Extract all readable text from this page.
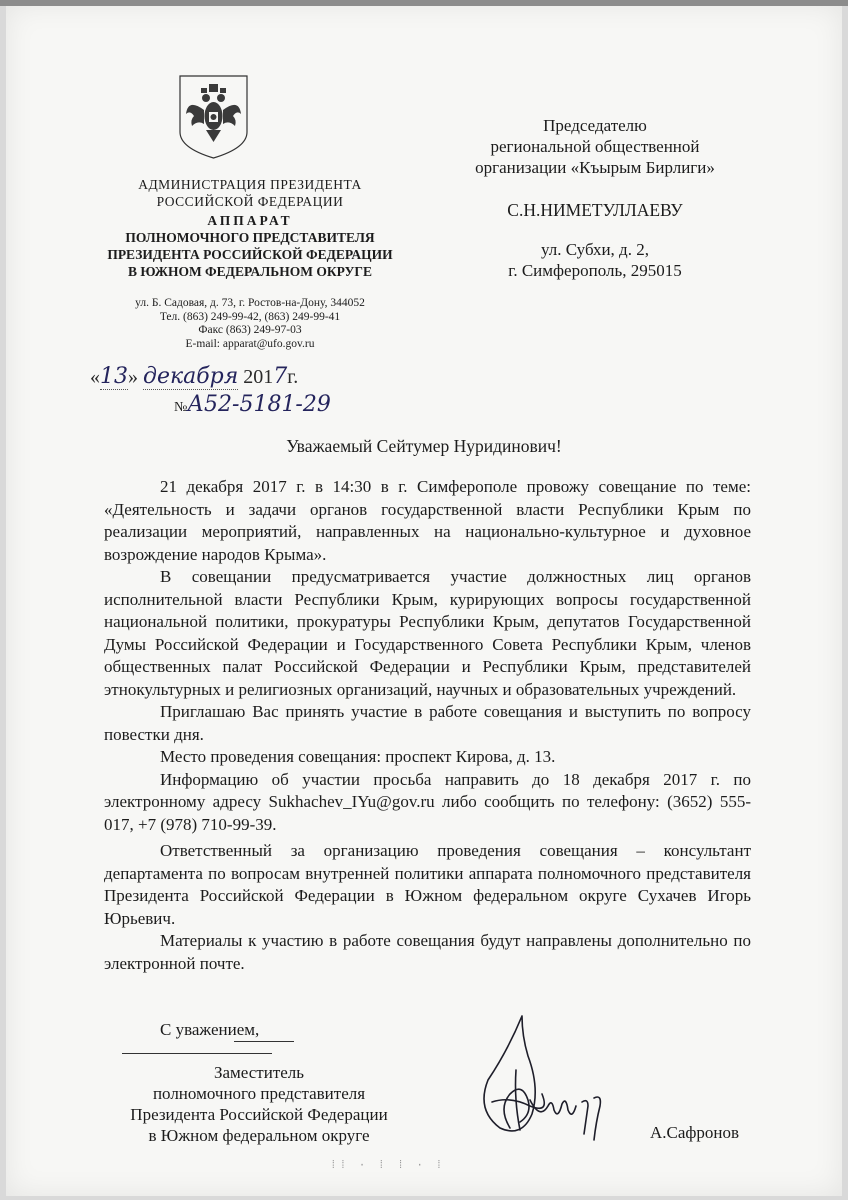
АДМИНИСТРАЦИЯ ПРЕЗИДЕНТА
РОССИЙСКОЙ ФЕДЕРАЦИИ
АППАРАТ
ПОЛНОМОЧНОГО ПРЕДСТАВИТЕЛЯ
ПРЕЗИДЕНТА РОССИЙСКОЙ ФЕДЕРАЦИИ
В ЮЖНОМ ФЕДЕРАЛЬНОМ ОКРУГЕ
ул. Б. Садовая, д. 73, г. Ростов-на-Дону, 344052
Тел. (863) 249-99-42, (863) 249-99-41
Факс (863) 249-97-03
E-mail: apparat@ufo.gov.ru
Председателю
региональной общественной
организации «Къырым Бирлиги»
С.Н.НИМЕТУЛЛАЕВУ
ул. Субхи, д. 2,
г. Симферополь, 295015
«13» декабря 2017г.
№А52-5181-29
Уважаемый Сейтумер Нуридинович!

21 декабря 2017 г. в 14:30 в г. Симферополе провожу совещание по теме: «Деятельность и задачи органов государственной власти Республики Крым по реализации мероприятий, направленных на национально-культурное и духовное возрождение народов Крыма».

В совещании предусматривается участие должностных лиц органов исполнительной власти Республики Крым, курирующих вопросы государственной национальной политики, прокуратуры Республики Крым, депутатов Государственной Думы Российской Федерации и Государственного Совета Республики Крым, членов общественных палат Российской Федерации и Республики Крым, представителей этнокультурных и религиозных организаций, научных и образовательных учреждений.

Приглашаю Вас принять участие в работе совещания и выступить по вопросу повестки дня.

Место проведения совещания: проспект Кирова, д. 13.

Информацию об участии просьба направить до 18 декабря 2017 г. по электронному адресу Sukhachev_IYu@gov.ru либо сообщить по телефону: (3652) 555-017, +7 (978) 710-99-39.

Ответственный за организацию проведения совещания – консультант департамента по вопросам внутренней политики аппарата полномочного представителя Президента Российской Федерации в Южном федеральном округе Сухачев Игорь Юрьевич.

Материалы к участию в работе совещания будут направлены дополнительно по электронной почте.

С уважением,
Заместитель
полномочного представителя
Президента Российской Федерации
в Южном федеральном округе	А.Сафронов
⁞⁞ · ⁞ ⁞ · ⁞
